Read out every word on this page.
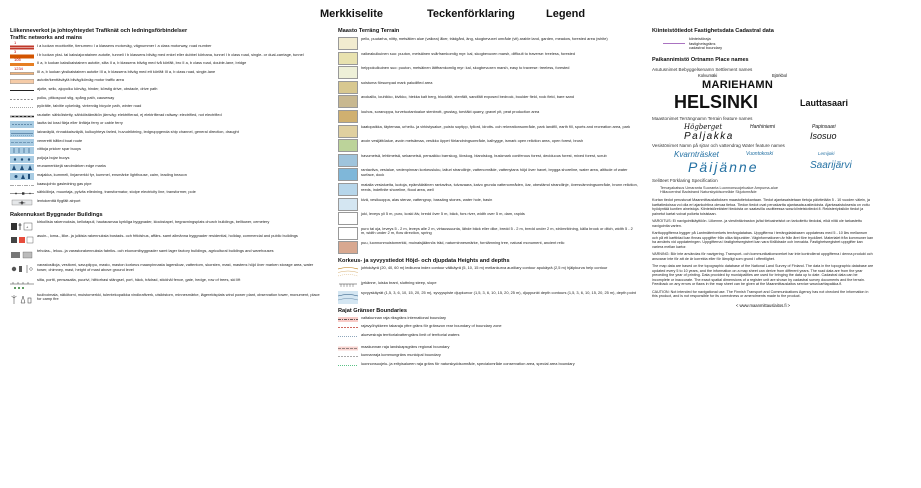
Merkkiselite	Teckenförklaring	Legend
Liikenneverkot ja johtoyhteydet Trafiknät och ledningsförbindelser
Traffic networks and mains
1
I a luokan moottoritie, tienumero I a klassens motorväg, vägnummer I a class motorway, road number
3
I b luokan yksi- tai kaksiajoratainen autotie, tunneli I b klassens bilväg med enkel eller dubbel körbana, tunnel I b class road, single- or dual-carriage, tunnel
105
II a, b luokan kaksikaistainen autotie, silta II a, b klassens bilväg med två körfält, bro II a, b class road, double-lane, bridge
1234
III a, b luokan yksikaistainen autotie III a, b klassens bilväg med ett körfält III a, b class road, single-lane
autotie/kenttäväylä bilväg/körväg motor traffic area
ajotie, selic, ajopolku körväg, hinder, körstig drive, obstacle, drive path
polku, pitkospuut stig, spång path, causeway
pyörätie, talvitie cykelväg, vinterväg bicycle path, winter road
rautatie: sähköistetty, sähköistämätön järnväg: elektrifierad, ej elektrifierad railway: electrified, not electrified
lautta tai lossi färja eller linfärja ferry or cable ferry
laivaväylä, rinnakkaisväylä, kulkuyhteys farled, huvudriktning, ledgruppgenda ship channel, general direction, draught
veneretti båtled boat route
viittoja pricker spar buoys
poijuja bojar buoys
reunamerkkejä randmärken edge marks
majakka, kummeli, linjamerkki fyr, kummel, ensmärke lighthouse, cairn, leading beacon
kaasujohto gasledning gas pipe
sähkölinja, muuntaja, pylväs elledning, transformator, stolpe electricity line, transformer, pole
lentokenttä flygfält airport
Rakennukset Byggnader Buildings
+
kirkollisia rakennuksia, kellotapuli, hautausmaa kyrkliga byggnader, klockstapel, begravningsplats church buildings, belltower, cemetery
asuin-, loma-, liike- ja julkisia rakennuksia bostads- och fritidshus, affärs- samt allmänna byggnader residential, holiday, commercial and public buildings
teholas-, lekuu- ja varastorakennuksia fabriks- och ekonomibyggnader samt lager factory buildings, agricultural buildings and warehouses
varastosiiloja, vesitorni, savupiippu, masto, maston korkeus maanpinnasta lagersiloar, vattentorn, skorsten, mast, mastens höjd över marken storage area, water tower, chimney, mast, height of mast above ground level
silta, portti, pensasaita, puurivi, hiittorhasi stängsel, port, häck, trädrad, stickhäl fence, gate, hedge, row of trees, ski lift
tuulivoimala, näkötorni, muistomerkki, tulentekopaikka vindkraftverk, utsiktstorn, minnesmärke, lägereldsplats wind power plant, observation tower, monument, place for camp fire
Maasto Terräng Terrain
pello, puutarha, niitty, metsätien alue (valkea) åker, trädgård, äng, skogbevuxet område (vit) arable land, garden, meadow, forested area (white)
vaikeakulkuinen suo: puuton, metsäinen svårframkomlig myr: kal, skogbevuxen marsh, difficult to traverse: treeless, forested
helppokulkuinen suo: puuton, metsäinen lättframkomlig myr: kal, skogbevuxen marsh, easy to traverse: treeless, forested
soistuma försumpad mark paludified area
avokallio, louhikko, kivikko, hiekka kalt berg, blockfält, stenfält, sandfält exposed bedrock, boulder field, rock field, bare sand
louhos, soranoppa, turvetuotantoalue stenbrott, grustag, torvtäkt quarry, gravel pit, peat production area
kaatopaikka, täytemaa, urheilu- ja virkistysalue, puisto soptipp, fyllord, idrotts- och rekreationsområde, park landfill, earth fill, sports and recreation area, park
avoin vesijättöalue, avoin metsämaa, vesikko öppet förlandningsområde, kalhygge, ismark open reliction area, open forest, brush
havumetsä, lehtimetsä, sekametsä, pensaikko barrskog, lövskog, blandskog, buskmark coniferous forest, deciduous forest, mixed forest, scrub
rantaviiva, vesialue, vedenpinnan korkeusluku, laituri strandlinje, vattenområde, vattenytans höjd över havet, brygga shoreline, water area, altitude of water surface, dock
matalia vesialueita, luotoja, epämääräinen rantaviiva, tulvavaara, kaivo grunda vattenområden, öar, obestämd strandlinje, översvämningsområde, brunn reliction, reeds, indefinite shoreline, flood area, well
kivä, vesikuoppa, alas stenar, vattengrop, bassäng stones, water hole, basin
joki, leveys yli 5 m, puro, koski älv, bredd över 5 m, bäck, fors river, width over 5 m, dam, rapids
puro tai oja, leveys 5 - 2 m, leveys alle 2 m, virtaussuunta, lähde bäck eller dike, bredd 5 - 2 m, bredd under 2 m, strömriktning, källa brook or ditch, width 5 - 2 m, width under 2 m, flow direction, spring
puu, luonnonmuistomerkki, muinaisjäännös träd, naturminnesmärke, fornlämning tree, natural monument, ancient relic
Korkeus- ja syvyystiedot Höjd- och djupdata Heights and depths
johtokäyrä (20, 40, 60 m) ledkurva index contour välikäyrä (5, 10, 15 m) mellankurva auxiliary contour apukäyrä (2,5 m) hjälpkurva help contour
jyrkänne, luiska brant, sluttning steep, slope
syvyyskäyrät (1,5, 3, 6, 10, 15, 20, 25 m), syvyyspiste djupkurvor (1,5, 3, 6, 10, 15, 20, 25 m), djuppunkt depth contours (1,5, 3, 6, 10, 15, 20, 25 m), depth point
Rajat Gränser Boundaries
valtakunnan raja riksgräns international boundary
rajavyöhykkeen takaraja yttre gräns för gränszon rear boundary of boundary zone
aluevesiraja territorialvattengräns limit of territorial waters
maakunnan raja landskapsgräns regional boundary
kunnanraja kommungräns municipal boundary
luonnonsuojelu- ja erityisalueen raja gräns för naturskyddsområde, specialområde conservation area, special area boundary
Kiinteistötiedot Fastighetsdata Cadastral data
kiinteistöraja
fastighetsgräns
cadastral boundary
Paikannimistö Ortnamn Place names
Asutusnimet Bebyggelsenamn Settlement names
Kolvumäki	Björkbol
MARIEHAMN
HELSINKI	Lauttasaari
Maastonimet Terrängnamn Terrain feature names
Högberget	Hanhiniemi	Papinsaari
Paljakka	Isosuo
Vesistönimet Namn på sjöar och vattendrag Water feature names
Kvarnträsket	Vuontokoski	Lemijoki
Päijänne	Saarijärvi
Selitteet Förklaring Specification
Tervayakatsus Umaranta Suoranta Luonnonsuojelualue Ampuma-alue
Hiilaocentral Badstrand Naturskyddsområde Skjutområde
Kortan tiedot perustuvat Maanmittauslaitoksen maastotietokantaan. Tiedot ajantasaistetaan tietoja päivitetään 5 - 10 vuoden välein, ja karttatiedoissa voi olla eri ajankohtina olevaa tietoa. Tiedon tiedot ovat peruskartta ajantasaisuustiedoista. Ajantasaistuksesta on voitu hyödyntää kuntien aineistoja. Kiinteistörekisteri tiedoista on saatavilla osoitteessa www.kiinteistotiedot.fi. Rekisteriyksikön tiedot ja painetut kartat voivat poiketa toisistaan.
VAROITUS: Ei navigointikäyttöön. Liikenne- ja viestintäviraston ja/tai tietoaineistot on tarkoitettu tiedoksi, eikä niitä ole tarkastettu navigointia varten.
Karttuppgifterna bygger på Lantmäteriverkets terrängdatabas. Uppgifterna i terrängdatabasen uppdateras med 5 - 10 års mellanrum och på ett karttblad kan finnas uppgifter från olika tidpunkter. Väginformationen är från året före tryckåret. Materialet från kommuner kan ha använts vid uppdateringen. Uppgifterna i fastighetsregistret kan vara föråldrade och inexakta. Fastighetsregistret uppgifter kan variera mellan kartor.
VARNING: Bör inte användas för navigering. Transport- och kommunikationsverket har inte kontrollerat uppgifterna i denna produkt och ansvarar inte för att de är korrekta eller för lämpligt som grund i offentlighet.
The map data are based on the topographic database of the National Land Survey of Finland. The data in the topographic database are updated every 5 to 10 years, and the information on a map sheet can derive from different years. The road data are from the year preceding the year of printing. Data provided by municipalities are used for bringing the data up to date. Cadastral data can be incomplete or inaccurate. The exact spatial dimensions of a register unit are shown by cadastral survey documents and the terrain. Feedback on any errors or flaws in the map sheet can be given at the Maanmittauslaitos service www.karttapaikka.fi.
CAUTION: Not intended for navigational use. The Finnish Transport and Communications Agency has not checked the information in this product, and is not responsible for its correctness or amendments made to the product.
< www.maanmittauslaitos.fi >
